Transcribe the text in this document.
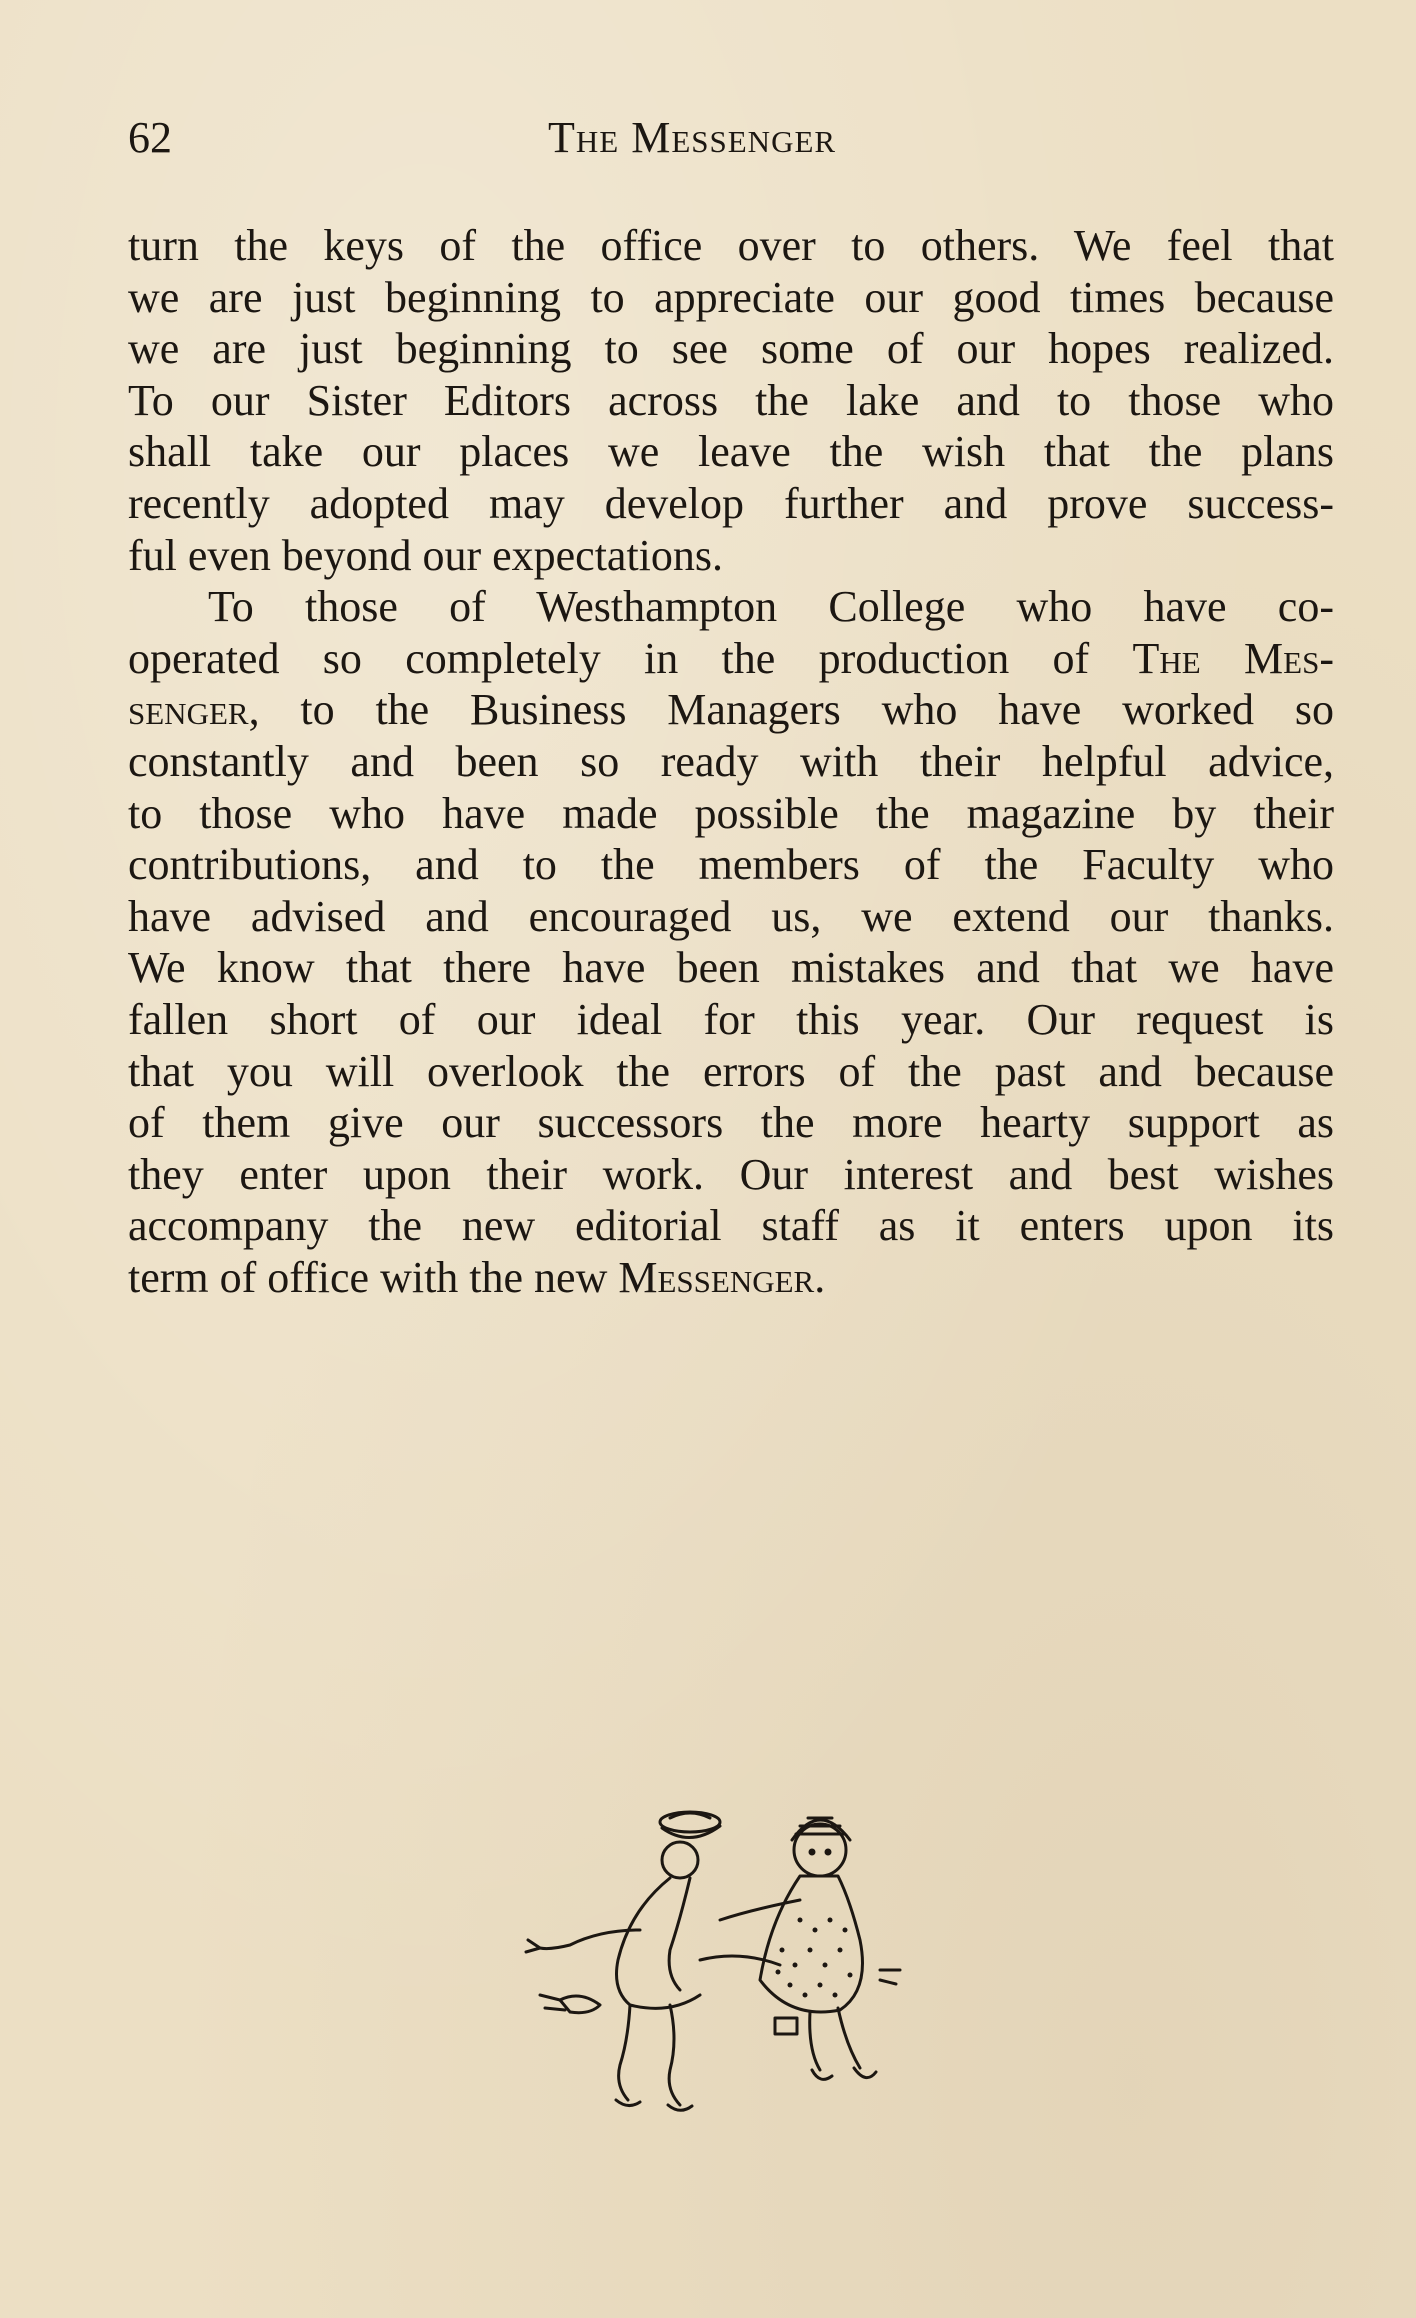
62	The Messenger
turn the keys of the office over to others. We feel that
we are just beginning to appreciate our good times because
we are just beginning to see some of our hopes realized.
To our Sister Editors across the lake and to those who
shall take our places we leave the wish that the plans
recently adopted may develop further and prove success-
ful even beyond our expectations.
To those of Westhampton College who have co-
operated so completely in the production of The Mes-
senger, to the Business Managers who have worked so
constantly and been so ready with their helpful advice,
to those who have made possible the magazine by their
contributions, and to the members of the Faculty who
have advised and encouraged us, we extend our thanks.
We know that there have been mistakes and that we have
fallen short of our ideal for this year. Our request is
that you will overlook the errors of the past and because
of them give our successors the more hearty support as
they enter upon their work. Our interest and best wishes
accompany the new editorial staff as it enters upon its
term of office with the new Messenger.
